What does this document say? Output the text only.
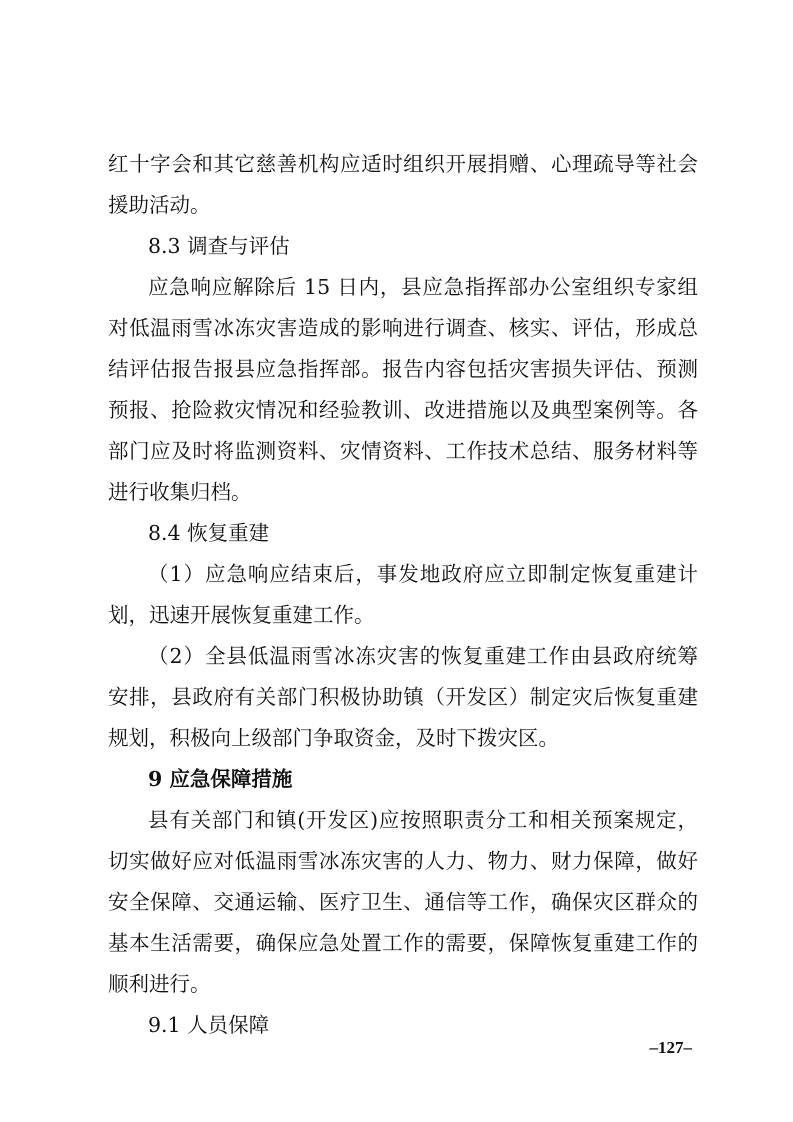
红十字会和其它慈善机构应适时组织开展捐赠、心理疏导等社会
援助活动。
8.3 调查与评估
应急响应解除后 15 日内，县应急指挥部办公室组织专家组
对低温雨雪冰冻灾害造成的影响进行调查、核实、评估，形成总
结评估报告报县应急指挥部。报告内容包括灾害损失评估、预测
预报、抢险救灾情况和经验教训、改进措施以及典型案例等。各
部门应及时将监测资料、灾情资料、工作技术总结、服务材料等
进行收集归档。
8.4 恢复重建
（1）应急响应结束后，事发地政府应立即制定恢复重建计
划，迅速开展恢复重建工作。
（2）全县低温雨雪冰冻灾害的恢复重建工作由县政府统筹
安排，县政府有关部门积极协助镇（开发区）制定灾后恢复重建
规划，积极向上级部门争取资金，及时下拨灾区。
9 应急保障措施
县有关部门和镇(开发区)应按照职责分工和相关预案规定，
切实做好应对低温雨雪冰冻灾害的人力、物力、财力保障，做好
安全保障、交通运输、医疗卫生、通信等工作，确保灾区群众的
基本生活需要，确保应急处置工作的需要，保障恢复重建工作的
顺利进行。
9.1 人员保障
–127–
